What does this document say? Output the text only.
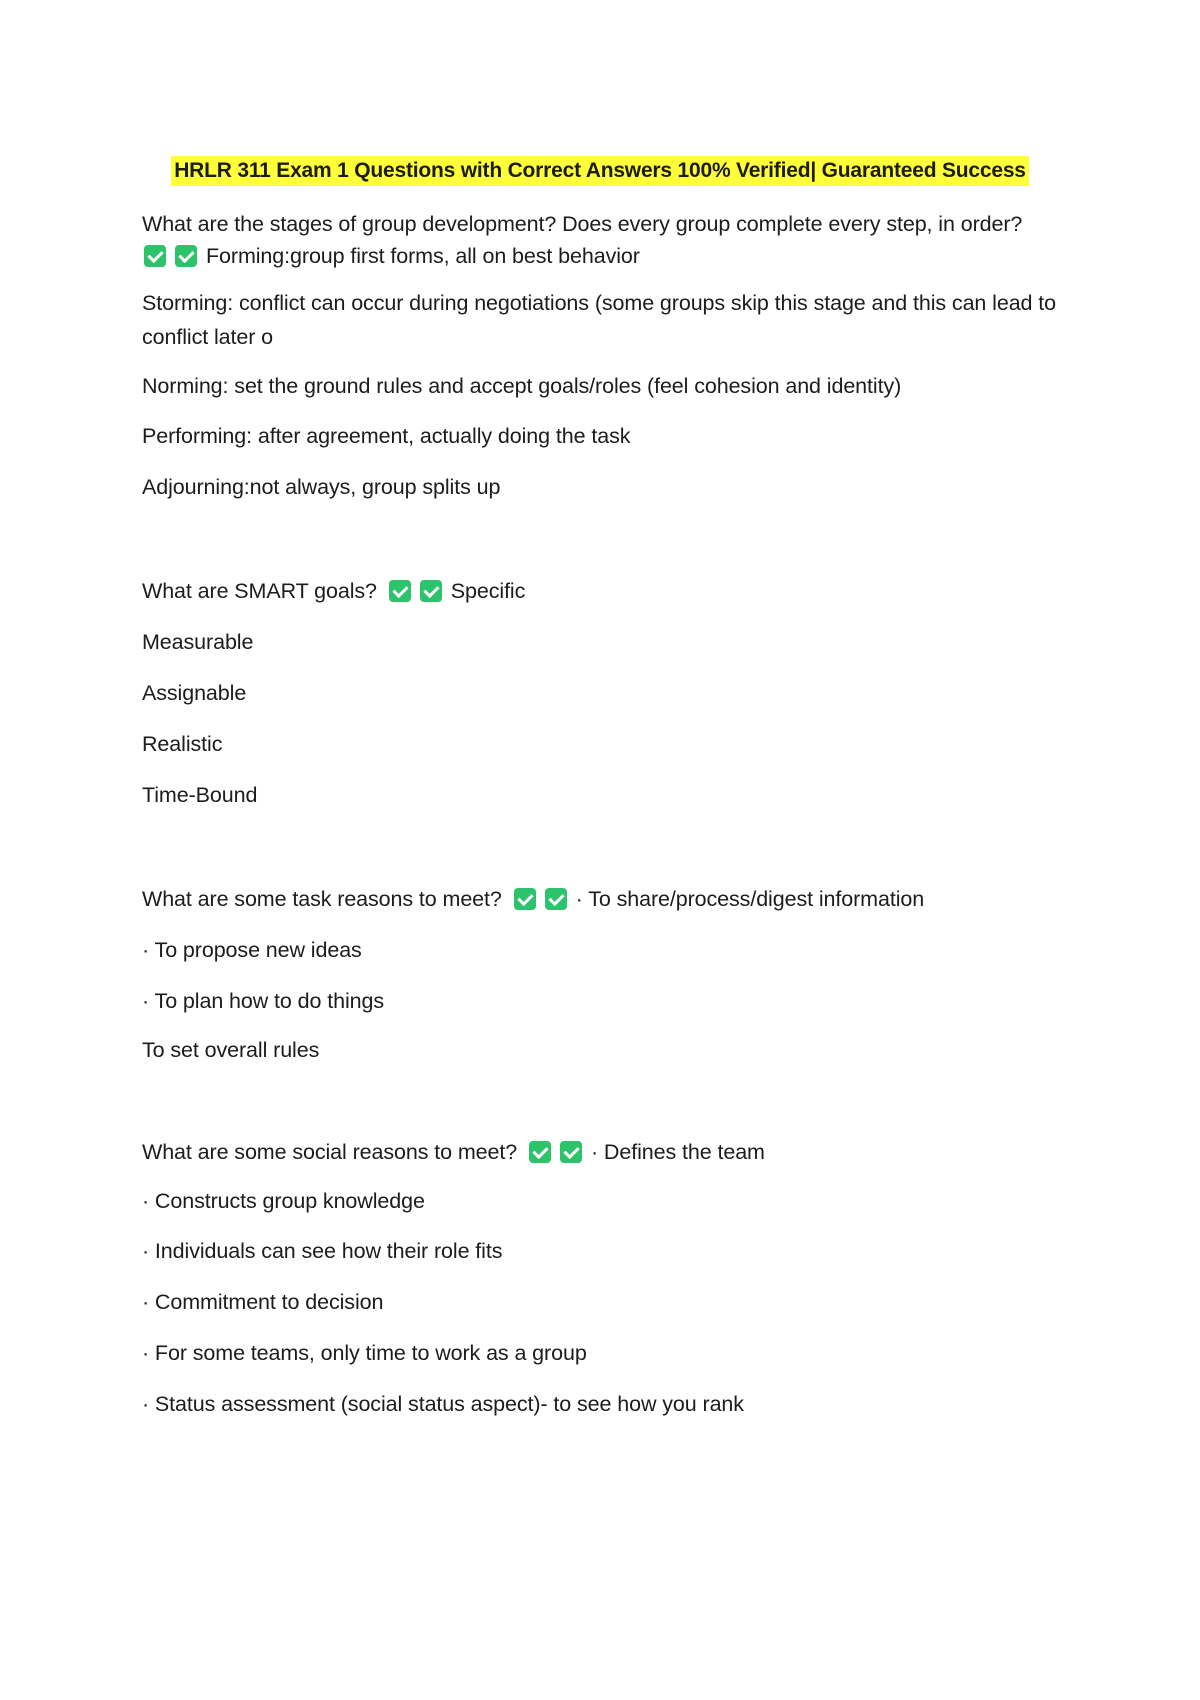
HRLR 311 Exam 1 Questions with Correct Answers 100% Verified| Guaranteed Success
What are the stages of group development? Does every group complete every step, in order?
Forming:group first forms, all on best behavior
Storming: conflict can occur during negotiations (some groups skip this stage and this can lead to conflict later o
Norming: set the ground rules and accept goals/roles (feel cohesion and identity)
Performing: after agreement, actually doing the task
Adjourning:not always, group splits up
What are SMART goals?	Specific
Measurable
Assignable
Realistic
Time-Bound
What are some task reasons to meet?	· To share/process/digest information
· To propose new ideas
· To plan how to do things
To set overall rules
What are some social reasons to meet?	· Defines the team
· Constructs group knowledge
· Individuals can see how their role fits
· Commitment to decision
· For some teams, only time to work as a group
· Status assessment (social status aspect)- to see how you rank
